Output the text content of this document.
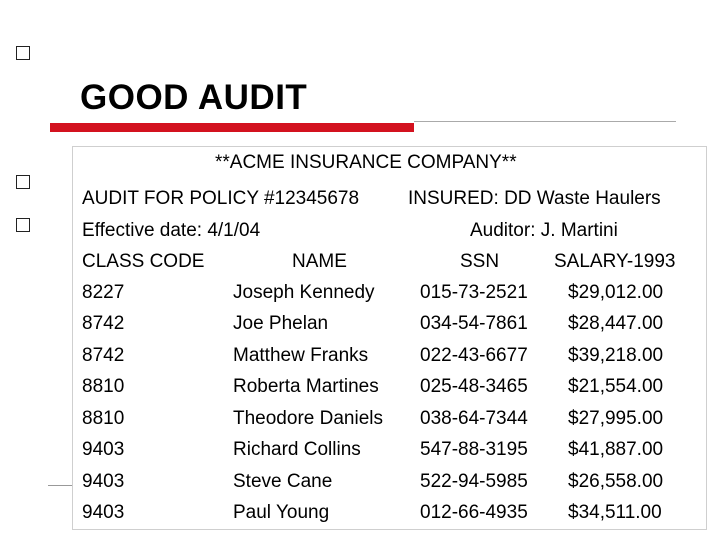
GOOD AUDIT
**ACME INSURANCE COMPANY**
AUDIT FOR POLICY #12345678	INSURED: DD Waste Haulers
Effective date: 4/1/04	Auditor: J. Martini
CLASS CODE	NAME	SSN	SALARY-1993
8227	Joseph Kennedy 015-73-2521 $29,012.00
8742	Joe Phelan	034-54-7861 $28,447.00
8742	Matthew Franks	022-43-6677 $39,218.00
8810	Roberta Martines 025-48-3465 $21,554.00
8810	Theodore Daniels 038-64-7344 $27,995.00
9403	Richard Collins	547-88-3195 $41,887.00
9403	Steve Cane	522-94-5985 $26,558.00
9403	Paul Young	012-66-4935 $34,511.00
